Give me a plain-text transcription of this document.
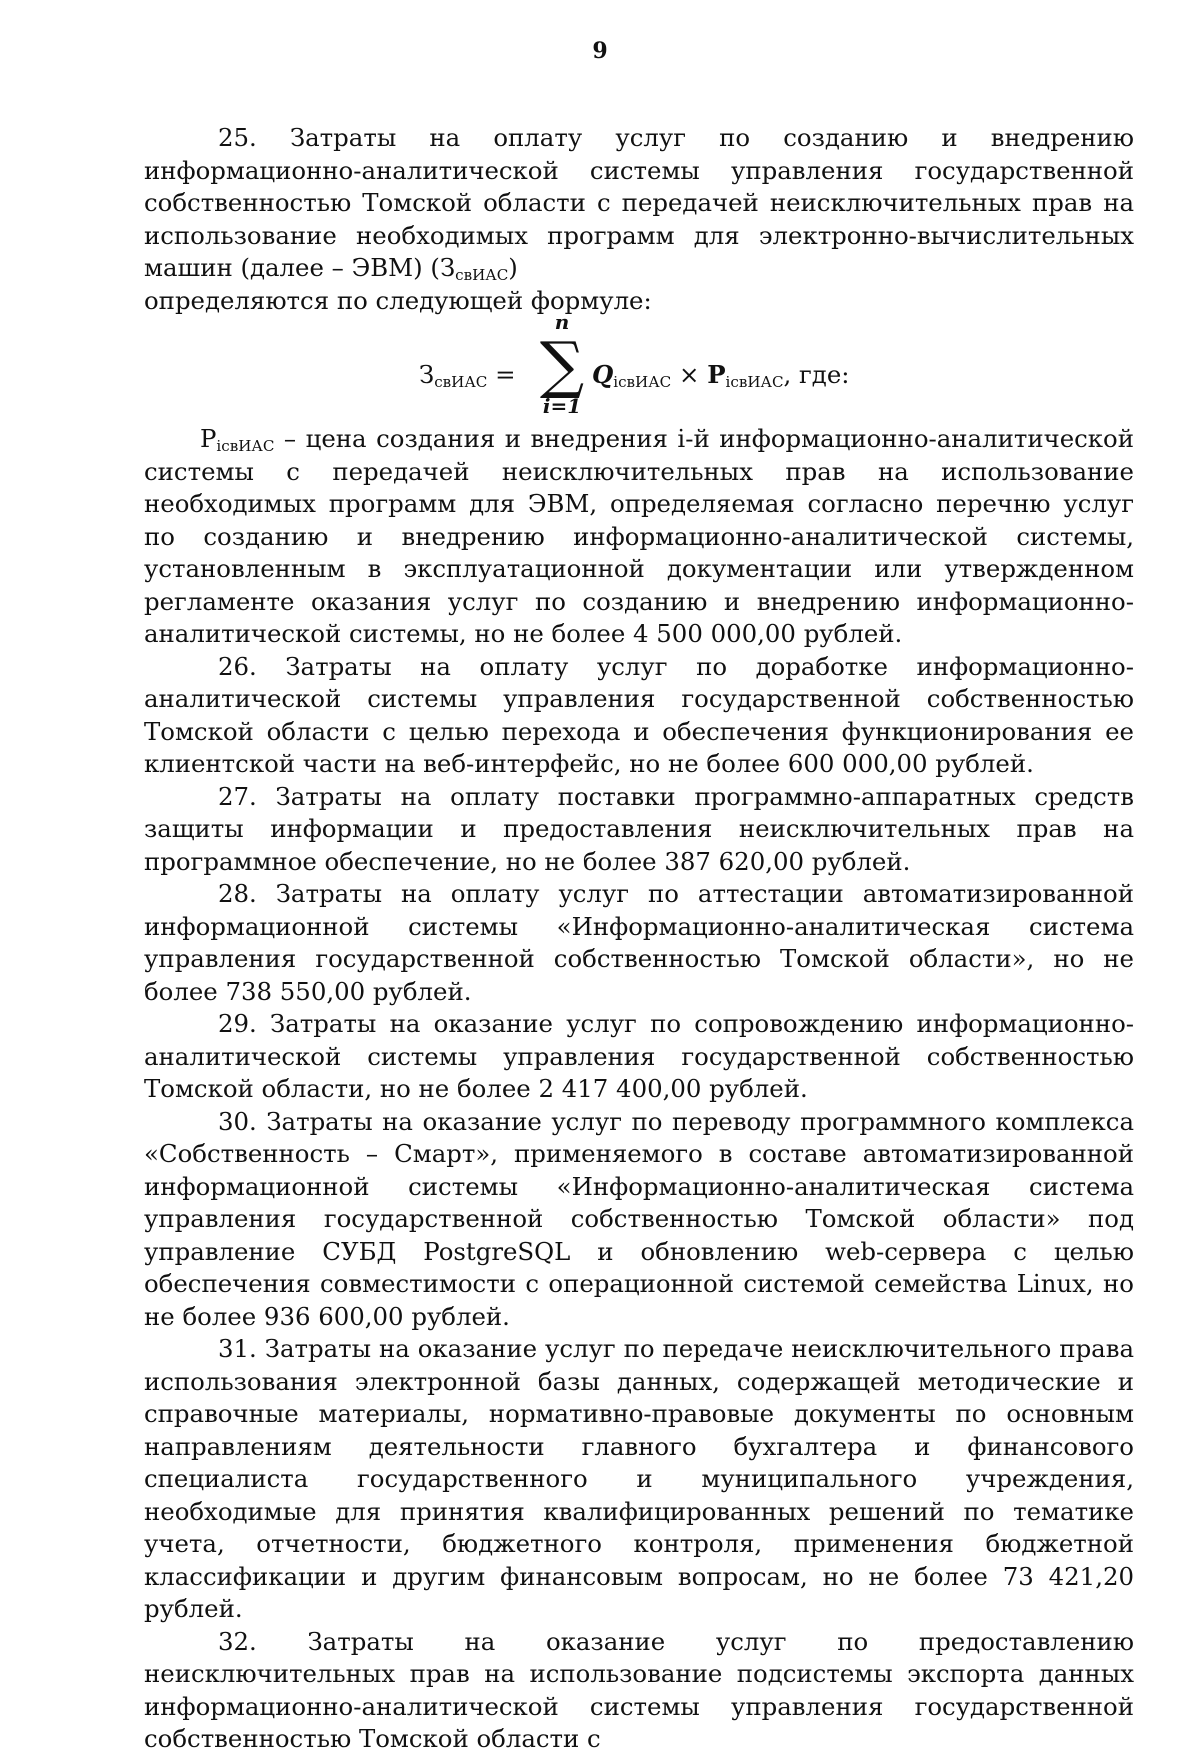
9

25. Затраты на оплату услуг по созданию и внедрению информационно-аналитической системы управления государственной собственностью Томской области с передачей неисключительных прав на использование необходимых программ для электронно-вычислительных машин (далее – ЭВМ) $(З_{свИАС})$

определяются по следующей формуле:

$З_{свИАС}$ =
n
∑
i=1
$Q_{iсвИАС} \times P_{iсвИАС}$, где:

$P_{iсвИАС}$ – цена создания и внедрения i-й информационно-аналитической системы с передачей неисключительных прав на использование необходимых программ для ЭВМ, определяемая согласно перечню услуг по созданию и внедрению информационно-аналитической системы, установленным в эксплуатационной документации или утвержденном регламенте оказания услуг по созданию и внедрению информационно-аналитической системы, но не более 4 500 000,00 рублей.

26. Затраты на оплату услуг по доработке информационно-аналитической системы управления государственной собственностью Томской области с целью перехода и обеспечения функционирования ее клиентской части на веб-интерфейс, но не более 600 000,00 рублей.

27. Затраты на оплату поставки программно-аппаратных средств защиты информации и предоставления неисключительных прав на программное обеспечение, но не более 387 620,00 рублей.

28. Затраты на оплату услуг по аттестации автоматизированной информационной системы «Информационно-аналитическая система управления государственной собственностью Томской области», но не более 738 550,00 рублей.

29. Затраты на оказание услуг по сопровождению информационно-аналитической системы управления государственной собственностью Томской области, но не более 2 417 400,00 рублей.

30. Затраты на оказание услуг по переводу программного комплекса «Собственность – Смарт», применяемого в составе автоматизированной информационной системы «Информационно-аналитическая система управления государственной собственностью Томской области» под управление СУБД PostgreSQL и обновлению web-сервера с целью обеспечения совместимости с операционной системой семейства Linux, но не более 936 600,00 рублей.

31. Затраты на оказание услуг по передаче неисключительного права использования электронной базы данных, содержащей методические и справочные материалы, нормативно-правовые документы по основным направлениям деятельности главного бухгалтера и финансового специалиста государственного и муниципального учреждения, необходимые для принятия квалифицированных решений по тематике учета, отчетности, бюджетного контроля, применения бюджетной классификации и другим финансовым вопросам, но не более 73 421,20 рублей.

32. Затраты на оказание услуг по предоставлению неисключительных прав на использование подсистемы экспорта данных информационно-аналитической системы управления государственной собственностью Томской области с
